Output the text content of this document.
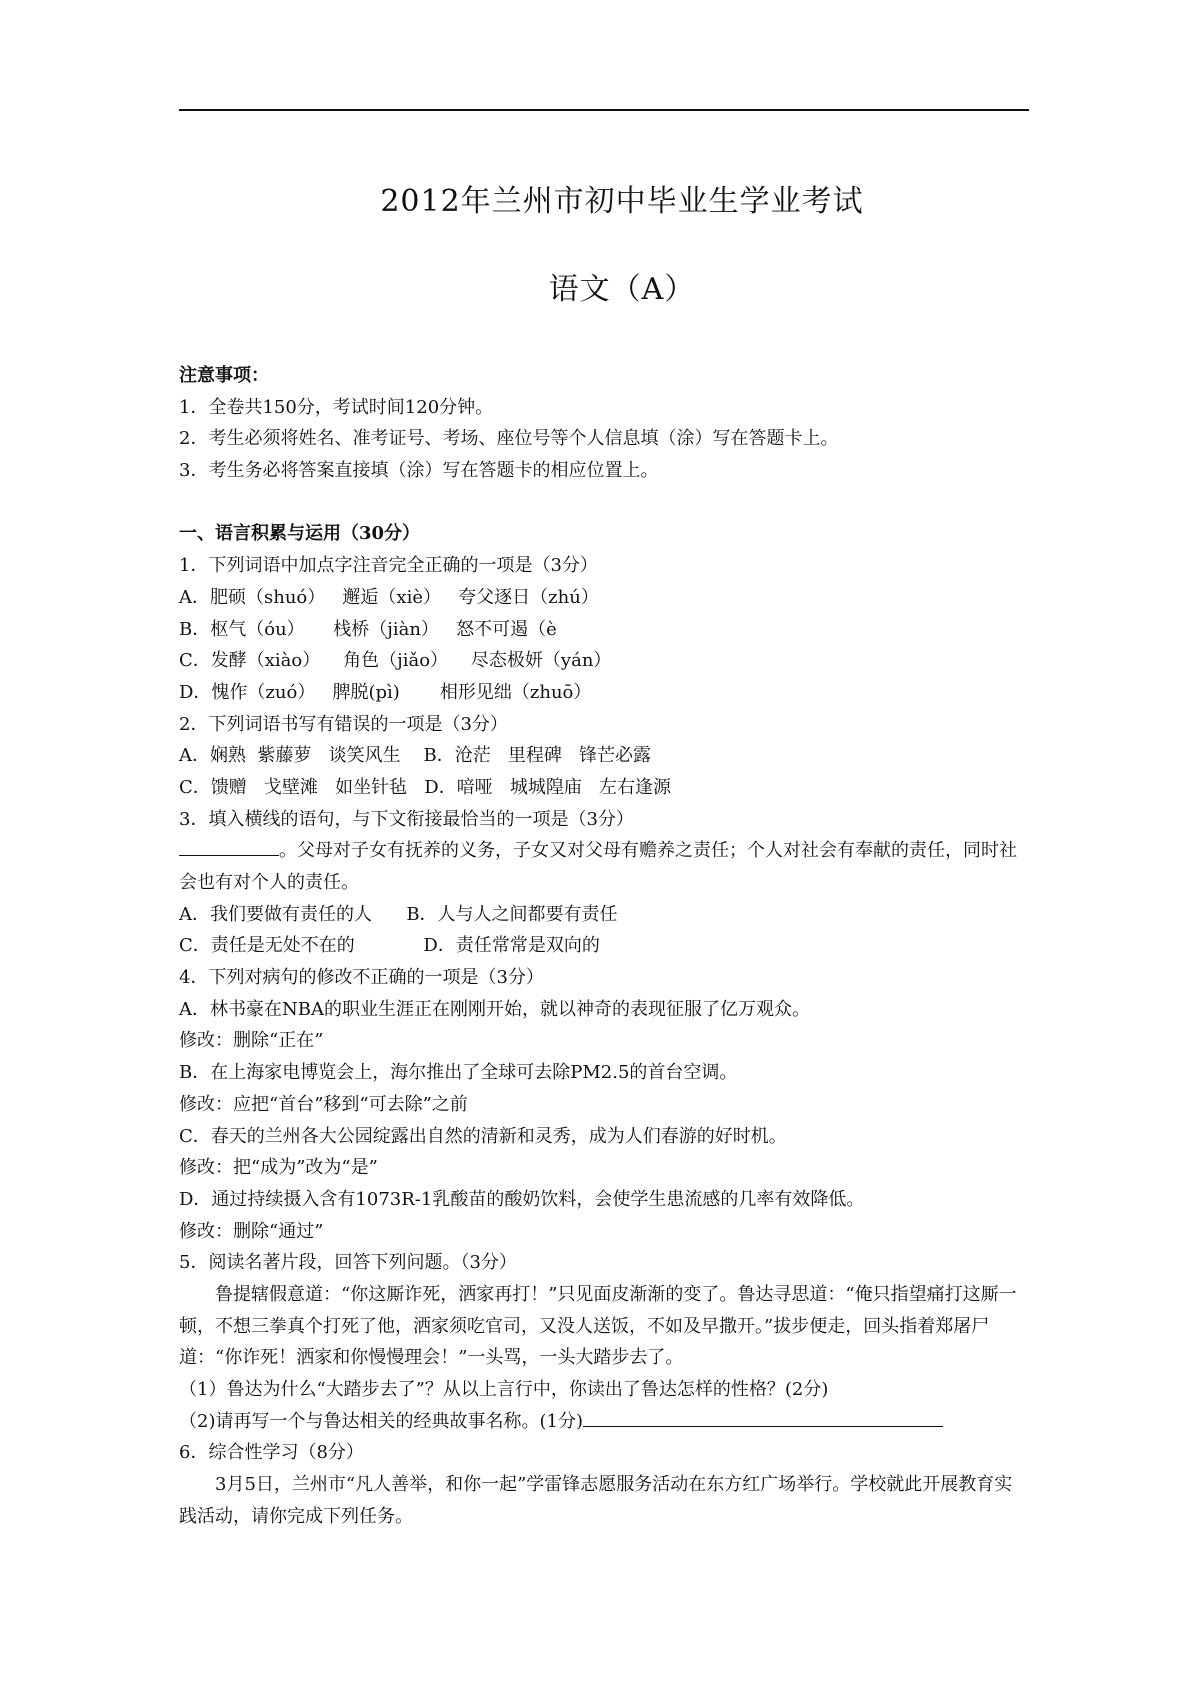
2012年兰州市初中毕业生学业考试
语文（A）
注意事项：
1．全卷共150分，考试时间120分钟。
2．考生必须将姓名、准考证号、考场、座位号等个人信息填（涂）写在答题卡上。
3．考生务必将答案直接填（涂）写在答题卡的相应位置上。
一、语言积累与运用（30分）
1．下列词语中加点字注音完全正确的一项是（3分）
A．肥硕（shuó）   邂逅（xiè）   夸父逐日（zhú）
B．枢气（óu）     栈桥（jiàn）   怒不可遏（è
C．发酵（xiào）    角色（jiǎo）    尽态极妍（yán）
D．愧作（zuó）   脾脱(pì)       相形见绌（zhuō）
2．下列词语书写有错误的一项是（3分）
A．娴熟  紫藤萝   谈笑风生    B．沧茫   里程碑   锋芒必露
C．馈赠   戈壁滩   如坐针毡   D．喑哑   城城隍庙   左右逢源
3．填入横线的语句，与下文衔接最恰当的一项是（3分）
。父母对子女有抚养的义务，子女又对父母有赡养之责任；个人对社会有奉献的责任，同时社会也有对个人的责任。
A．我们要做有责任的人      B．人与人之间都要有责任
C．责任是无处不在的            D．责任常常是双向的
4．下列对病句的修改不正确的一项是（3分）
A．林书豪在NBA的职业生涯正在刚刚开始，就以神奇的表现征服了亿万观众。
修改：删除“正在”
B．在上海家电博览会上，海尔推出了全球可去除PM2.5的首台空调。
修改：应把“首台”移到“可去除”之前
C．春天的兰州各大公园绽露出自然的清新和灵秀，成为人们春游的好时机。
修改：把“成为”改为“是”
D．通过持续摄入含有1073R-1乳酸苗的酸奶饮料，会使学生患流感的几率有效降低。
修改：删除“通过”
5．阅读名著片段，回答下列问题。（3分）
鲁提辖假意道：“你这厮诈死，洒家再打！”只见面皮渐渐的变了。鲁达寻思道：“俺只指望痛打这厮一顿，不想三拳真个打死了他，洒家须吃官司，又没人送饭，不如及早撒开。”拔步便走，回头指着郑屠尸道：“你诈死！洒家和你慢慢理会！”一头骂，一头大踏步去了。
（1）鲁达为什么“大踏步去了”？从以上言行中，你读出了鲁达怎样的性格？(2分)
（2)请再写一个与鲁达相关的经典故事名称。(1分)
6．综合性学习（8分）
3月5日，兰州市“凡人善举，和你一起”学雷锋志愿服务活动在东方红广场举行。学校就此开展教育实践活动，请你完成下列任务。
